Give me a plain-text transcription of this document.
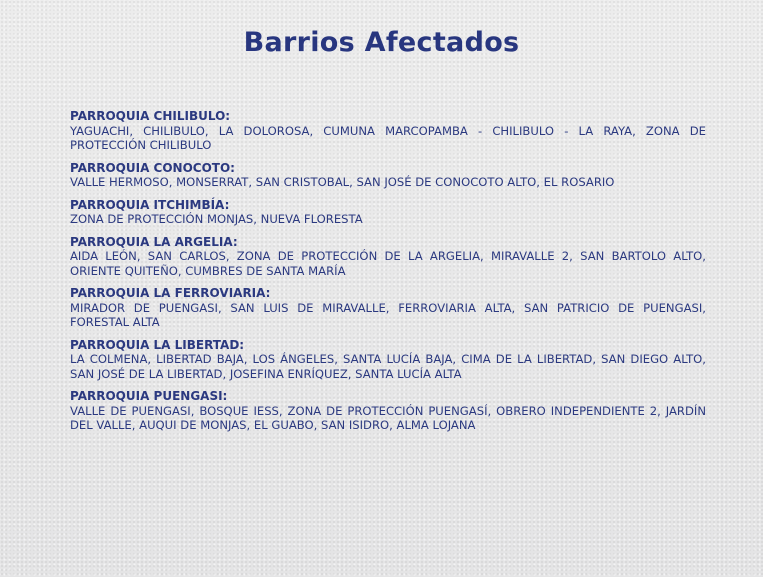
Barrios Afectados
PARROQUIA CHILIBULO:
YAGUACHI, CHILIBULO, LA DOLOROSA, CUMUNA MARCOPAMBA - CHILIBULO - LA RAYA, ZONA DE PROTECCIÓN CHILIBULO
PARROQUIA CONOCOTO:
VALLE HERMOSO, MONSERRAT, SAN CRISTOBAL, SAN JOSÉ DE CONOCOTO ALTO, EL ROSARIO
PARROQUIA ITCHIMBÍA:
ZONA DE PROTECCIÓN MONJAS, NUEVA FLORESTA
PARROQUIA LA ARGELIA:
AIDA LEÓN, SAN CARLOS, ZONA DE PROTECCIÓN DE LA ARGELIA, MIRAVALLE 2, SAN BARTOLO ALTO, ORIENTE QUITEÑO, CUMBRES DE SANTA MARÍA
PARROQUIA LA FERROVIARIA:
MIRADOR DE PUENGASI, SAN LUIS DE MIRAVALLE, FERROVIARIA ALTA, SAN PATRICIO DE PUENGASI, FORESTAL ALTA
PARROQUIA LA LIBERTAD:
LA COLMENA, LIBERTAD BAJA, LOS ÁNGELES, SANTA LUCÍA BAJA, CIMA DE LA LIBERTAD, SAN DIEGO ALTO, SAN JOSÉ DE LA LIBERTAD, JOSEFINA ENRÍQUEZ, SANTA LUCÍA ALTA
PARROQUIA PUENGASI:
VALLE DE PUENGASI, BOSQUE IESS, ZONA DE PROTECCIÓN PUENGASÍ, OBRERO INDEPENDIENTE 2, JARDÍN DEL VALLE, AUQUI DE MONJAS, EL GUABO, SAN ISIDRO, ALMA LOJANA
